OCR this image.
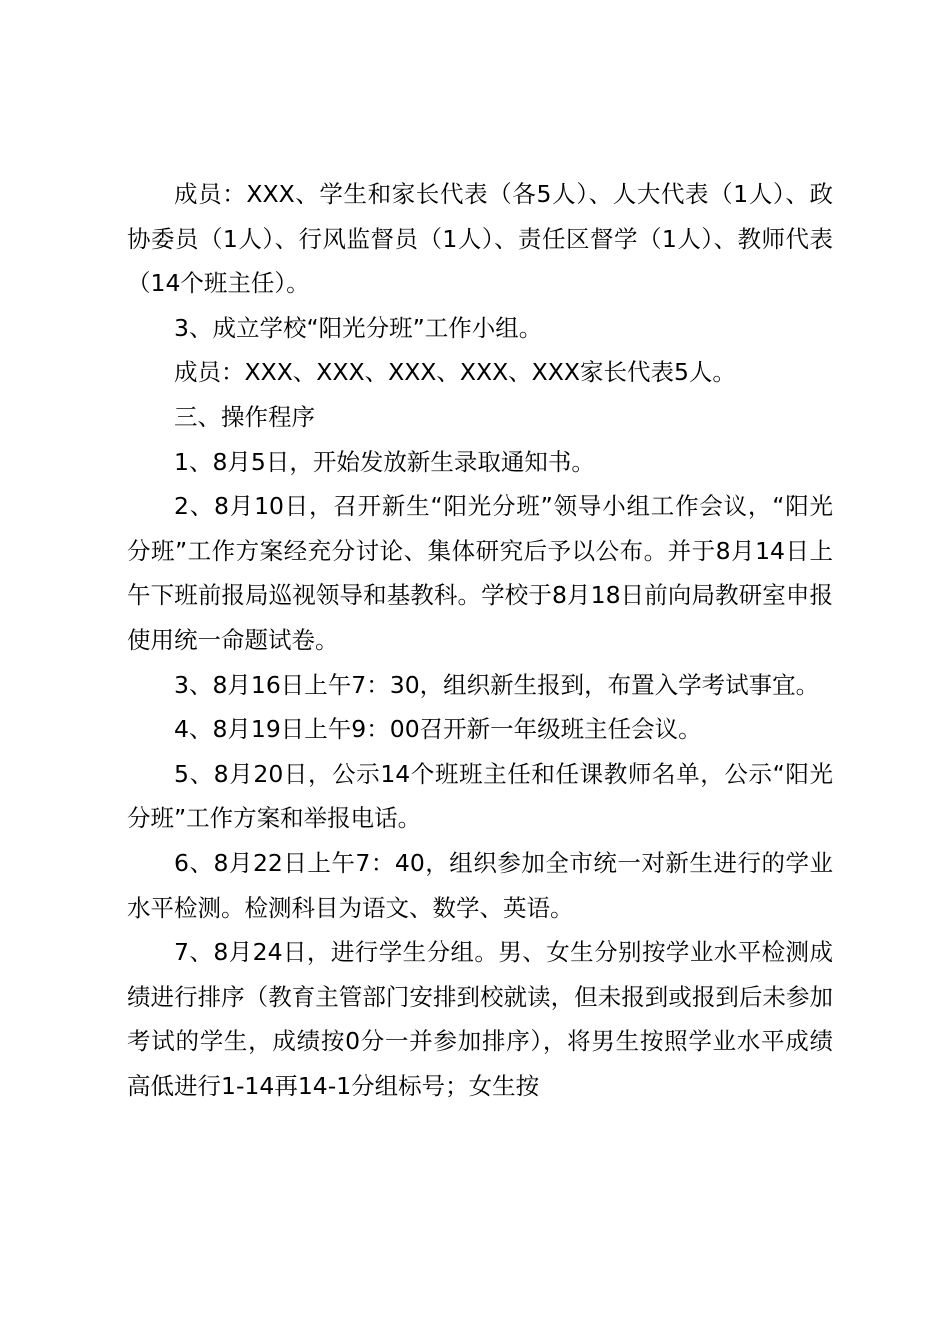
成员：XXX、学生和家长代表（各5人）、人大代表（1人）、政协委员（1人）、行风监督员（1人）、责任区督学（1人）、教师代表（14个班主任）。

3、成立学校“阳光分班”工作小组。

成员：XXX、XXX、XXX、XXX、XXX家长代表5人。

三、操作程序

1、8月5日，开始发放新生录取通知书。

2、8月10日，召开新生“阳光分班”领导小组工作会议，“阳光分班”工作方案经充分讨论、集体研究后予以公布。并于8月14日上午下班前报局巡视领导和基教科。学校于8月18日前向局教研室申报使用统一命题试卷。

3、8月16日上午7：30，组织新生报到，布置入学考试事宜。

4、8月19日上午9：00召开新一年级班主任会议。

5、8月20日，公示14个班班主任和任课教师名单，公示“阳光分班”工作方案和举报电话。

6、8月22日上午7：40，组织参加全市统一对新生进行的学业水平检测。检测科目为语文、数学、英语。

7、8月24日，进行学生分组。男、女生分别按学业水平检测成绩进行排序（教育主管部门安排到校就读，但未报到或报到后未参加考试的学生，成绩按0分一并参加排序），将男生按照学业水平成绩高低进行1-14再14-1分组标号；女生按
